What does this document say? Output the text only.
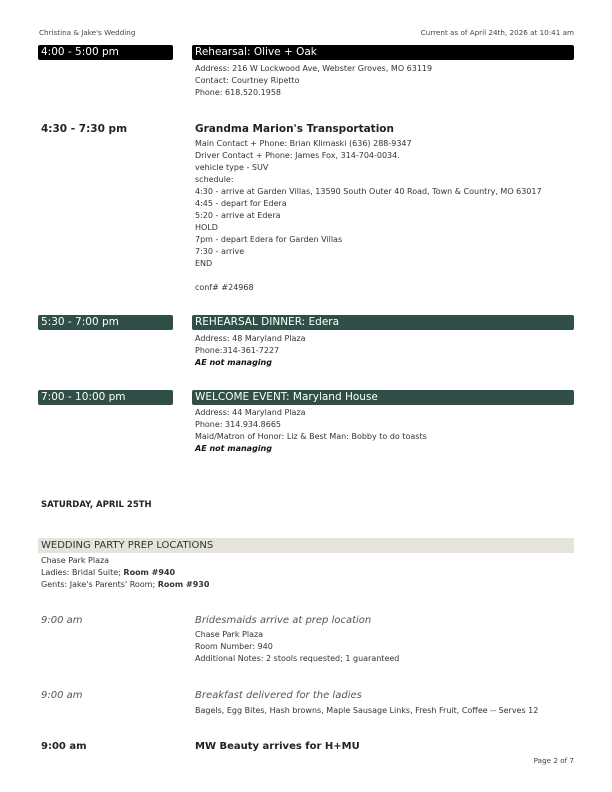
Christina & Jake's Wedding	Current as of April 24th, 2026 at 10:41 am
4:00 - 5:00 pm	Rehearsal: Olive + Oak
Address: 216 W Lockwood Ave, Webster Groves, MO 63119
Contact: Courtney Ripetto
Phone: 618.520.1958
4:30 - 7:30 pm	Grandma Marion's Transportation
Main Contact + Phone: Brian Klimaski (636) 288-9347
Driver Contact + Phone: James Fox, 314-704-0034.
vehicle type - SUV
schedule:
4:30 - arrive at Garden Villas, 13590 South Outer 40 Road, Town & Country, MO 63017
4:45 - depart for Edera
5:20 - arrive at Edera
HOLD
7pm - depart Edera for Garden Villas
7:30 - arrive
END
conf# #24968
5:30 - 7:00 pm	REHEARSAL DINNER: Edera
Address: 48 Maryland Plaza
Phone:314-361-7227
AE not managing
7:00 - 10:00 pm	WELCOME EVENT: Maryland House
Address: 44 Maryland Plaza
Phone: 314.934.8665
Maid/Matron of Honor: Liz & Best Man: Bobby to do toasts
AE not managing
SATURDAY, APRIL 25TH
WEDDING PARTY PREP LOCATIONS
Chase Park Plaza
Ladies: Bridal Suite; Room #940
Gents: Jake's Parents' Room; Room #930
9:00 am	Bridesmaids arrive at prep location
Chase Park Plaza
Room Number: 940
Additional Notes: 2 stools requested; 1 guaranteed
9:00 am	Breakfast delivered for the ladies
Bagels, Egg Bites, Hash browns, Maple Sausage Links, Fresh Fruit, Coffee -- Serves 12
9:00 am	MW Beauty arrives for H+MU
Page 2 of 7
